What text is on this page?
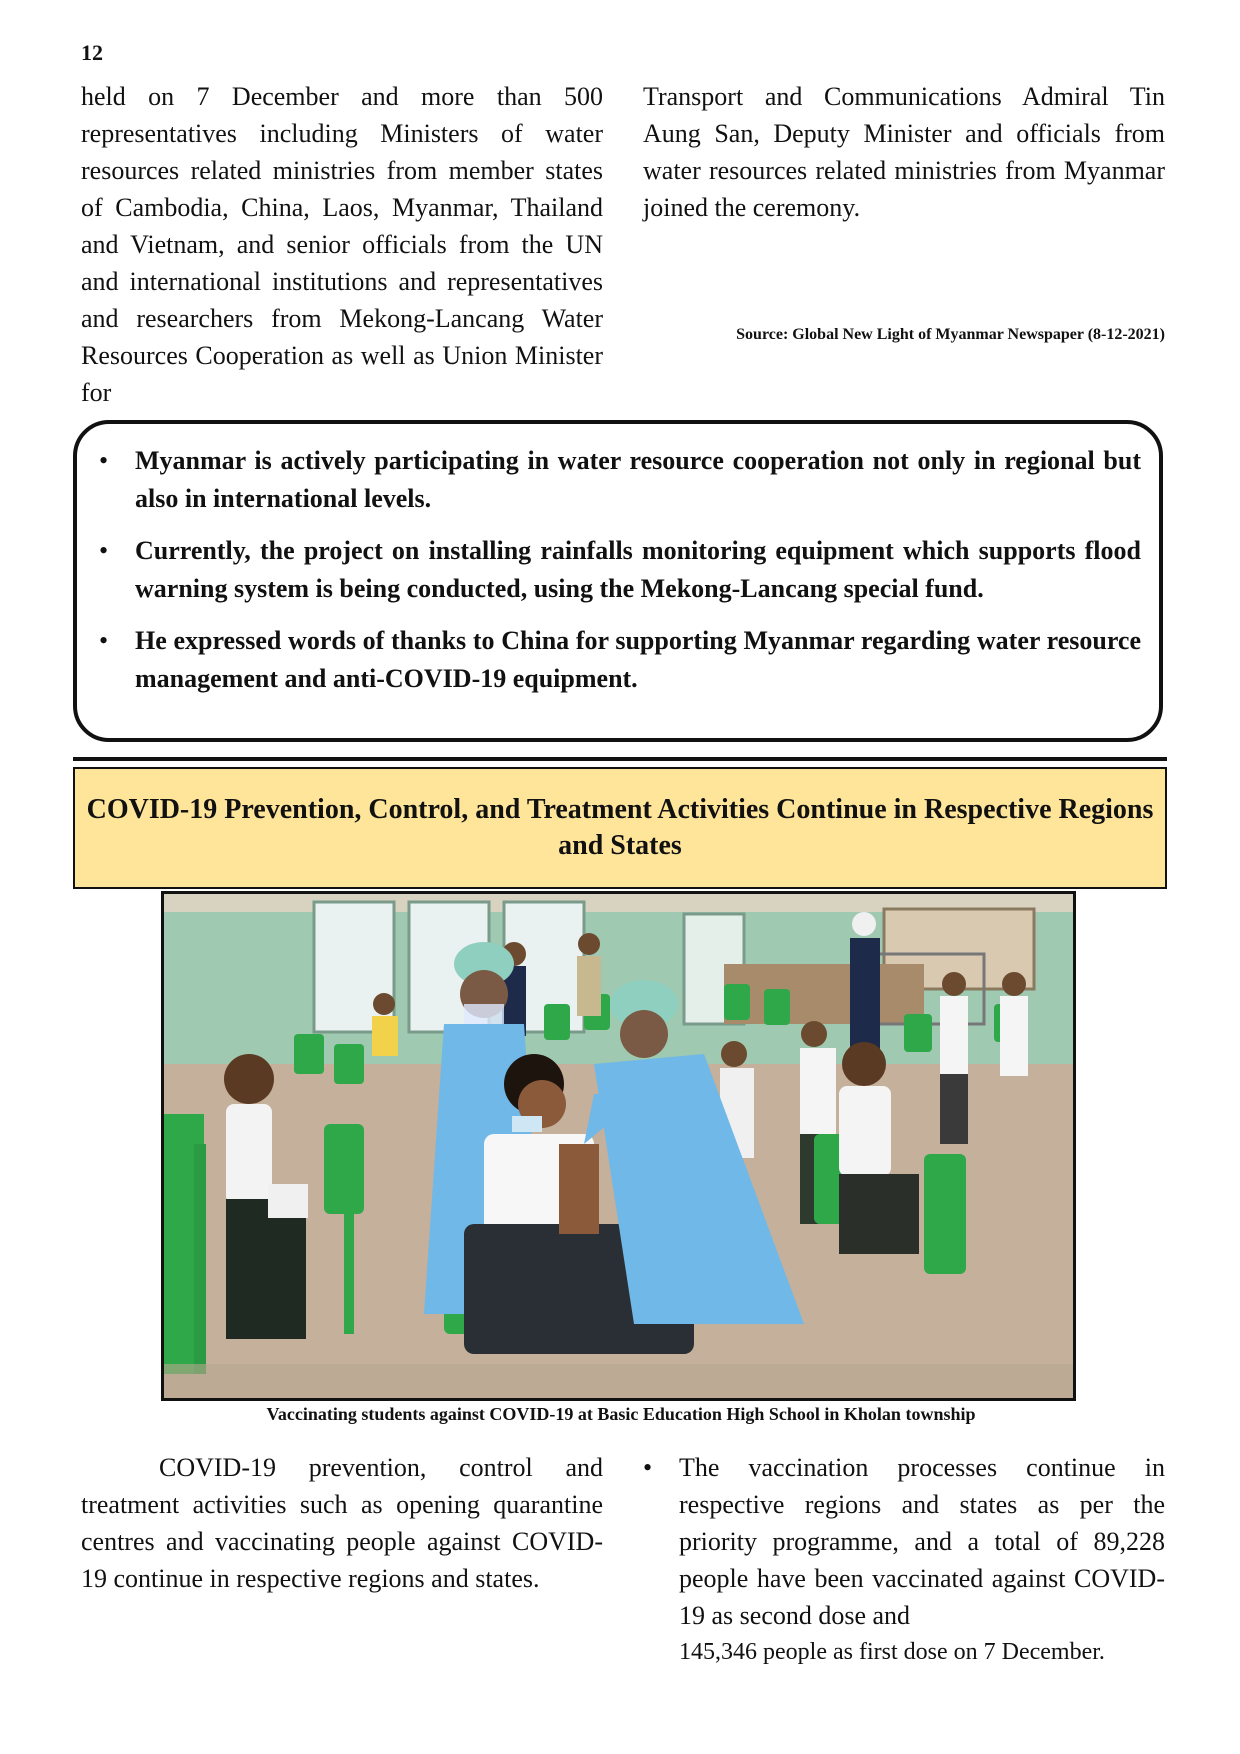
12

held on 7 December and more than 500 representatives including Ministers of water resources related ministries from member states of Cambodia, China, Laos, Myanmar, Thailand and Vietnam, and senior officials from the UN and international institutions and representatives and researchers from Mekong-Lancang Water Resources Cooperation as well as Union Minister for

Transport and Communications Admiral Tin Aung San, Deputy Minister and officials from water resources related ministries from Myanmar joined the ceremony.

Source: Global New Light of Myanmar Newspaper (8-12-2021)

• Myanmar is actively participating in water resource cooperation not only in regional but also in international levels.
• Currently, the project on installing rainfalls monitoring equipment which supports flood warning system is being conducted, using the Mekong-Lancang special fund.
• He expressed words of thanks to China for supporting Myanmar regarding water resource management and anti-COVID-19 equipment.
COVID-19 Prevention, Control, and Treatment Activities Continue in Respective Regions and States

Vaccinating students against COVID-19 at Basic Education High School in Kholan township

COVID-19 prevention, control and treatment activities such as opening quarantine centres and vaccinating people against COVID-19 continue in respective regions and states.

• The vaccination processes continue in respective regions and states as per the priority programme, and a total of 89,228 people have been vaccinated against COVID-19 as second dose and
145,346 people as first dose on 7 December.
